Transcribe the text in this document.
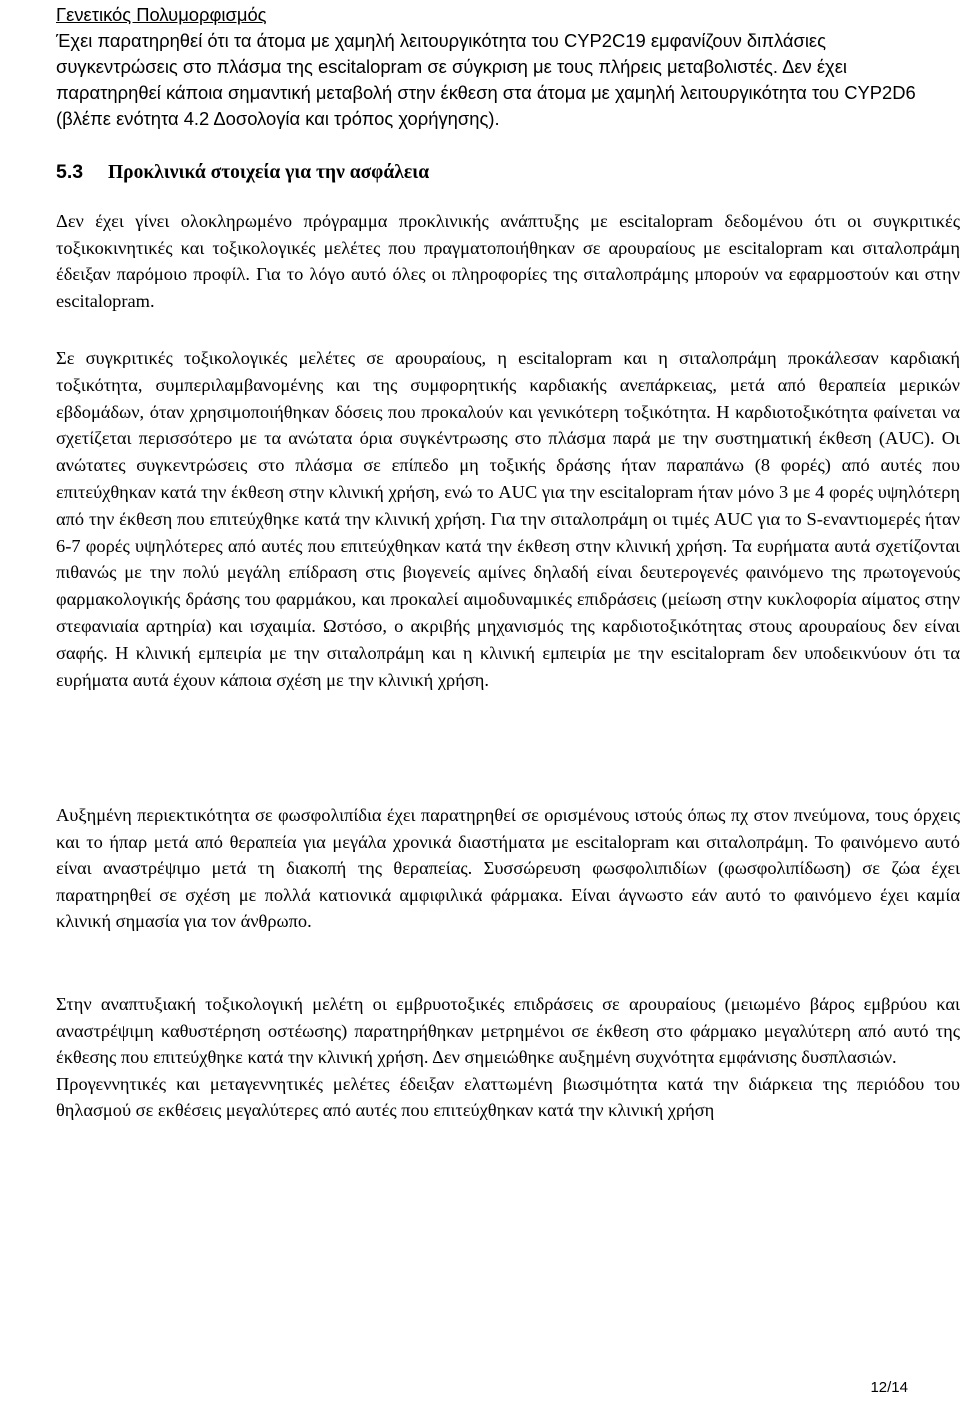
Γενετικός Πολυμορφισμός

Έχει παρατηρηθεί ότι τα άτομα με χαμηλή λειτουργικότητα του CYP2C19 εμφανίζουν διπλάσιες συγκεντρώσεις στο πλάσμα της escitalopram σε σύγκριση με τους πλήρεις μεταβολιστές. Δεν έχει παρατηρηθεί κάποια σημαντική μεταβολή στην έκθεση στα άτομα με χαμηλή λειτουργικότητα του CYP2D6 (βλέπε ενότητα 4.2 Δοσολογία και τρόπος χορήγησης).

5.3 Προκλινικά στοιχεία για την ασφάλεια

Δεν έχει γίνει ολοκληρωμένο πρόγραμμα προκλινικής ανάπτυξης με escitalopram δεδομένου ότι οι συγκριτικές τοξικοκινητικές και τοξικολογικές μελέτες που πραγματοποιήθηκαν σε αρουραίους με escitalopram και σιταλοπράμη έδειξαν παρόμοιο προφίλ. Για το λόγο αυτό όλες οι πληροφορίες της σιταλοπράμης μπορούν να εφαρμοστούν και στην escitalopram.

Σε συγκριτικές τοξικολογικές μελέτες σε αρουραίους, η escitalopram και η σιταλοπράμη προκάλεσαν καρδιακή τοξικότητα, συμπεριλαμβανομένης και της συμφορητικής καρδιακής ανεπάρκειας, μετά από θεραπεία μερικών εβδομάδων, όταν χρησιμοποιήθηκαν δόσεις που προκαλούν και γενικότερη τοξικότητα. Η καρδιοτοξικότητα φαίνεται να σχετίζεται περισσότερο με τα ανώτατα όρια συγκέντρωσης στο πλάσμα παρά με την συστηματική έκθεση (AUC). Οι ανώτατες συγκεντρώσεις στο πλάσμα σε επίπεδο μη τοξικής δράσης ήταν παραπάνω (8 φορές) από αυτές που επιτεύχθηκαν κατά την έκθεση στην κλινική χρήση, ενώ το AUC για την escitalopram ήταν μόνο 3 με 4 φορές υψηλότερη από την έκθεση που επιτεύχθηκε κατά την κλινική χρήση. Για την σιταλοπράμη οι τιμές AUC για το S-εναντιομερές ήταν 6-7 φορές υψηλότερες από αυτές που επιτεύχθηκαν κατά την έκθεση στην κλινική χρήση. Τα ευρήματα αυτά σχετίζονται πιθανώς με την πολύ μεγάλη επίδραση στις βιογενείς αμίνες δηλαδή είναι δευτερογενές φαινόμενο της πρωτογενούς φαρμακολογικής δράσης του φαρμάκου, και προκαλεί αιμοδυναμικές επιδράσεις (μείωση στην κυκλοφορία αίματος στην στεφανιαία αρτηρία) και ισχαιμία. Ωστόσο, ο ακριβής μηχανισμός της καρδιοτοξικότητας στους αρουραίους δεν είναι σαφής. Η κλινική εμπειρία με την σιταλοπράμη και η κλινική εμπειρία με την escitalopram δεν υποδεικνύουν ότι τα ευρήματα αυτά έχουν κάποια σχέση με την κλινική χρήση.

Αυξημένη περιεκτικότητα σε φωσφολιπίδια έχει παρατηρηθεί σε ορισμένους ιστούς όπως πχ στον πνεύμονα, τους όρχεις και το ήπαρ μετά από θεραπεία για μεγάλα χρονικά διαστήματα με escitalopram και σιταλοπράμη. Το φαινόμενο αυτό είναι αναστρέψιμο μετά τη διακοπή της θεραπείας. Συσσώρευση φωσφολιπιδίων (φωσφολιπίδωση) σε ζώα έχει παρατηρηθεί σε σχέση με πολλά κατιονικά αμφιφιλικά φάρμακα. Είναι άγνωστο εάν αυτό το φαινόμενο έχει καμία κλινική σημασία για τον άνθρωπο.

Στην αναπτυξιακή τοξικολογική μελέτη οι εμβρυοτοξικές επιδράσεις σε αρουραίους (μειωμένο βάρος εμβρύου και αναστρέψιμη καθυστέρηση οστέωσης) παρατηρήθηκαν μετρημένοι σε έκθεση στο φάρμακο μεγαλύτερη από αυτό της έκθεσης που επιτεύχθηκε κατά την κλινική χρήση. Δεν σημειώθηκε αυξημένη συχνότητα εμφάνισης δυσπλασιών.
Προγεννητικές και μεταγεννητικές μελέτες έδειξαν ελαττωμένη βιωσιμότητα κατά την διάρκεια της περιόδου του θηλασμού σε εκθέσεις μεγαλύτερες από αυτές που επιτεύχθηκαν κατά την κλινική χρήση

12/14
